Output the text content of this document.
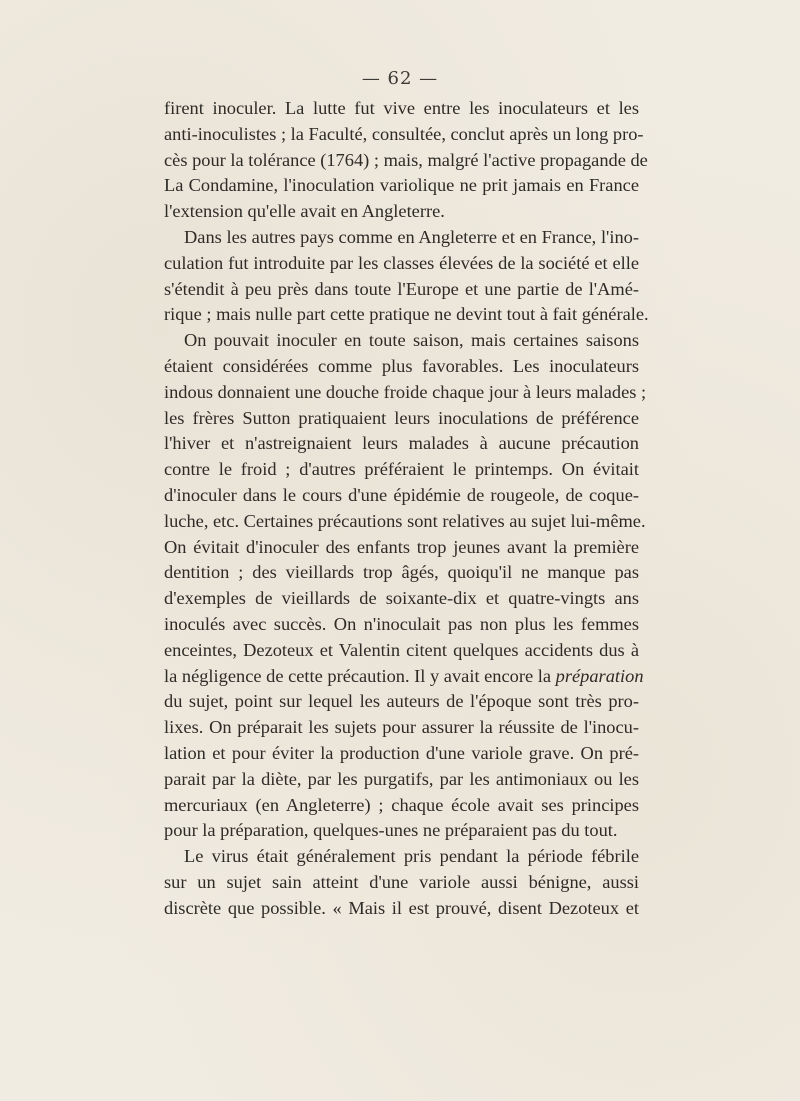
— 62 —
firent inoculer. La lutte fut vive entre les inoculateurs et les
anti-inoculistes ; la Faculté, consultée, conclut après un long pro-
cès pour la tolérance (1764) ; mais, malgré l'active propagande de
La Condamine, l'inoculation variolique ne prit jamais en France
l'extension qu'elle avait en Angleterre.
Dans les autres pays comme en Angleterre et en France, l'ino-
culation fut introduite par les classes élevées de la société et elle
s'étendit à peu près dans toute l'Europe et une partie de l'Amé-
rique ; mais nulle part cette pratique ne devint tout à fait générale.
On pouvait inoculer en toute saison, mais certaines saisons
étaient considérées comme plus favorables. Les inoculateurs
indous donnaient une douche froide chaque jour à leurs malades ;
les frères Sutton pratiquaient leurs inoculations de préférence
l'hiver et n'astreignaient leurs malades à aucune précaution
contre le froid ; d'autres préféraient le printemps. On évitait
d'inoculer dans le cours d'une épidémie de rougeole, de coque-
luche, etc. Certaines précautions sont relatives au sujet lui-même.
On évitait d'inoculer des enfants trop jeunes avant la première
dentition ; des vieillards trop âgés, quoiqu'il ne manque pas
d'exemples de vieillards de soixante-dix et quatre-vingts ans
inoculés avec succès. On n'inoculait pas non plus les femmes
enceintes, Dezoteux et Valentin citent quelques accidents dus à
la négligence de cette précaution. Il y avait encore la préparation
du sujet, point sur lequel les auteurs de l'époque sont très pro-
lixes. On préparait les sujets pour assurer la réussite de l'inocu-
lation et pour éviter la production d'une variole grave. On pré-
parait par la diète, par les purgatifs, par les antimoniaux ou les
mercuriaux (en Angleterre) ; chaque école avait ses principes
pour la préparation, quelques-unes ne préparaient pas du tout.
Le virus était généralement pris pendant la période fébrile
sur un sujet sain atteint d'une variole aussi bénigne, aussi
discrète que possible. « Mais il est prouvé, disent Dezoteux et
